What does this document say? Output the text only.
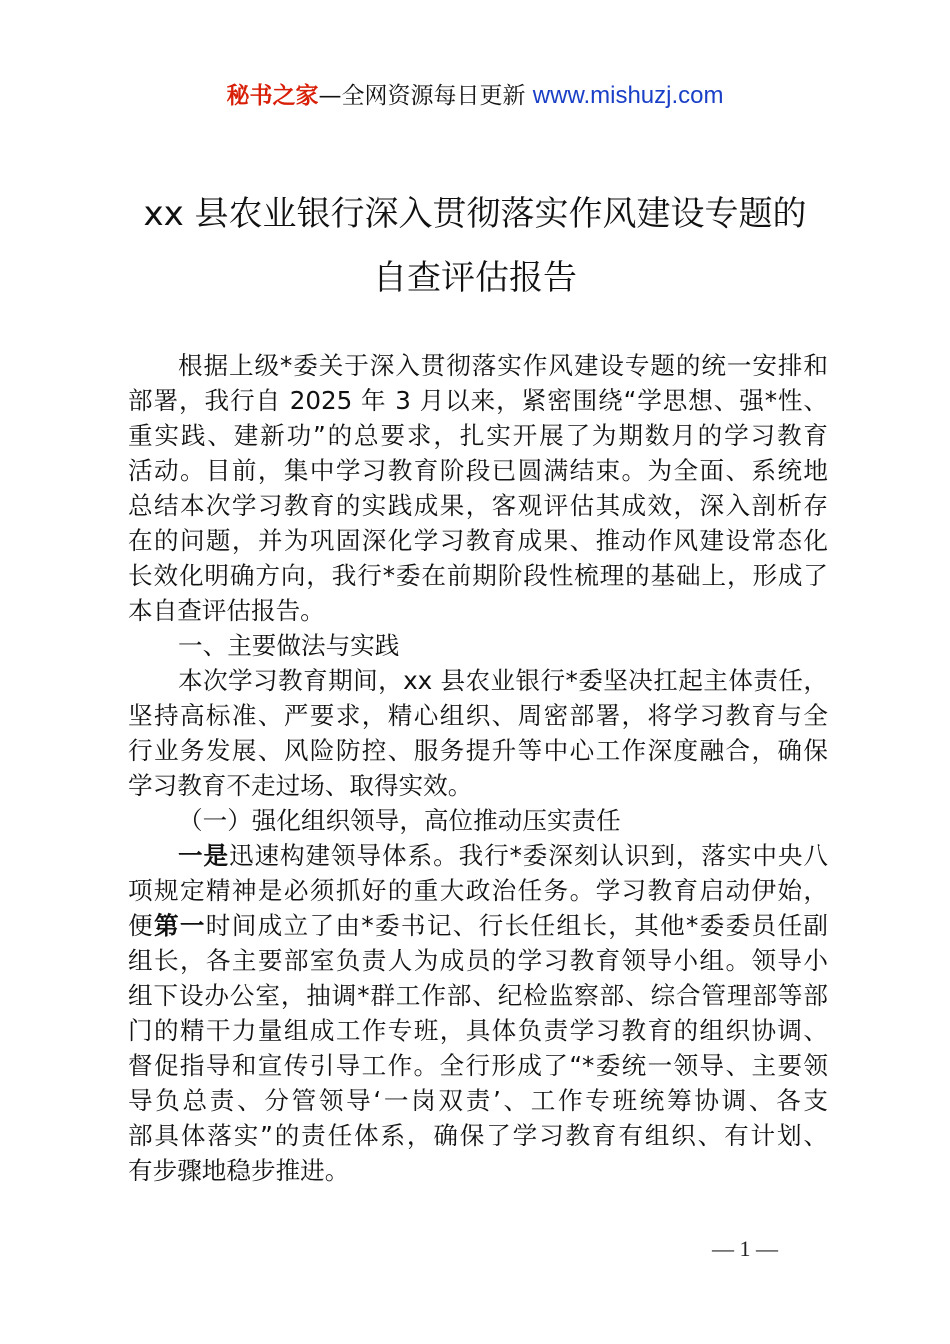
秘书之家—全网资源每日更新 www.mishuzj.com
xx 县农业银行深入贯彻落实作风建设专题的
自查评估报告
根据上级*委关于深入贯彻落实作风建设专题的统一安排和
部署，我行自 2025 年 3 月以来，紧密围绕“学思想、强*性、
重实践、建新功”的总要求，扎实开展了为期数月的学习教育
活动。目前，集中学习教育阶段已圆满结束。为全面、系统地
总结本次学习教育的实践成果，客观评估其成效，深入剖析存
在的问题，并为巩固深化学习教育成果、推动作风建设常态化
长效化明确方向，我行*委在前期阶段性梳理的基础上，形成了
本自查评估报告。
一、主要做法与实践
本次学习教育期间，xx 县农业银行*委坚决扛起主体责任，
坚持高标准、严要求，精心组织、周密部署，将学习教育与全
行业务发展、风险防控、服务提升等中心工作深度融合，确保
学习教育不走过场、取得实效。
（一）强化组织领导，高位推动压实责任
一是迅速构建领导体系。我行*委深刻认识到，落实中央八
项规定精神是必须抓好的重大政治任务。学习教育启动伊始，
便第一时间成立了由*委书记、行长任组长，其他*委委员任副
组长，各主要部室负责人为成员的学习教育领导小组。领导小
组下设办公室，抽调*群工作部、纪检监察部、综合管理部等部
门的精干力量组成工作专班，具体负责学习教育的组织协调、
督促指导和宣传引导工作。全行形成了“*委统一领导、主要领
导负总责、分管领导‘一岗双责’、工作专班统筹协调、各支
部具体落实”的责任体系，确保了学习教育有组织、有计划、
有步骤地稳步推进。
— 1 —
